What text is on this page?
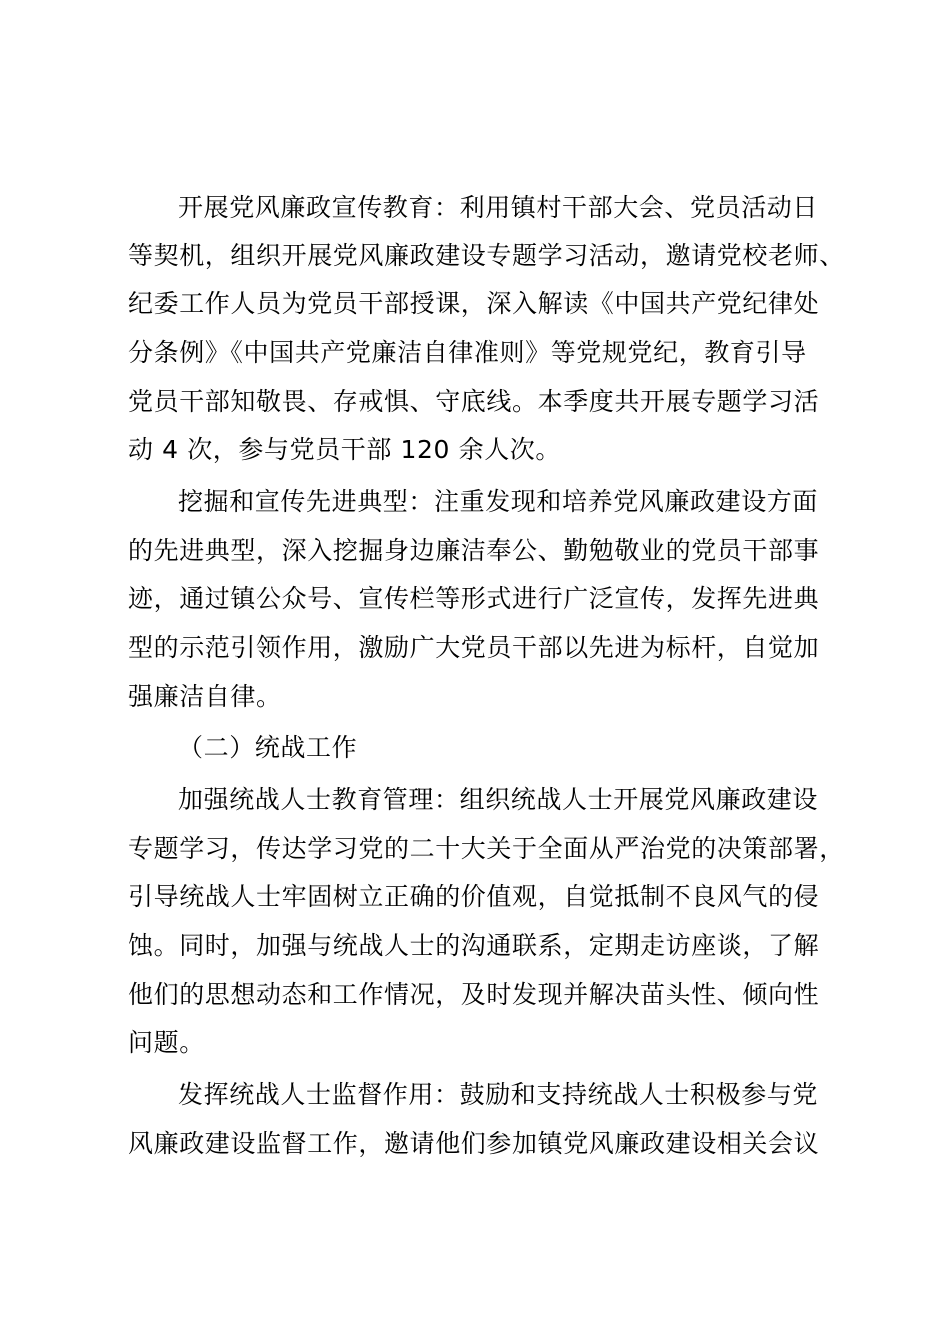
开展党风廉政宣传教育：利用镇村干部大会、党员活动日
等契机，组织开展党风廉政建设专题学习活动，邀请党校老师、
纪委工作人员为党员干部授课，深入解读《中国共产党纪律处
分条例》《中国共产党廉洁自律准则》等党规党纪，教育引导
党员干部知敬畏、存戒惧、守底线。本季度共开展专题学习活
动 4 次，参与党员干部 120 余人次。
挖掘和宣传先进典型：注重发现和培养党风廉政建设方面
的先进典型，深入挖掘身边廉洁奉公、勤勉敬业的党员干部事
迹，通过镇公众号、宣传栏等形式进行广泛宣传，发挥先进典
型的示范引领作用，激励广大党员干部以先进为标杆，自觉加
强廉洁自律。
（二）统战工作
加强统战人士教育管理：组织统战人士开展党风廉政建设
专题学习，传达学习党的二十大关于全面从严治党的决策部署，
引导统战人士牢固树立正确的价值观，自觉抵制不良风气的侵
蚀。同时，加强与统战人士的沟通联系，定期走访座谈，了解
他们的思想动态和工作情况，及时发现并解决苗头性、倾向性
问题。
发挥统战人士监督作用：鼓励和支持统战人士积极参与党
风廉政建设监督工作，邀请他们参加镇党风廉政建设相关会议
